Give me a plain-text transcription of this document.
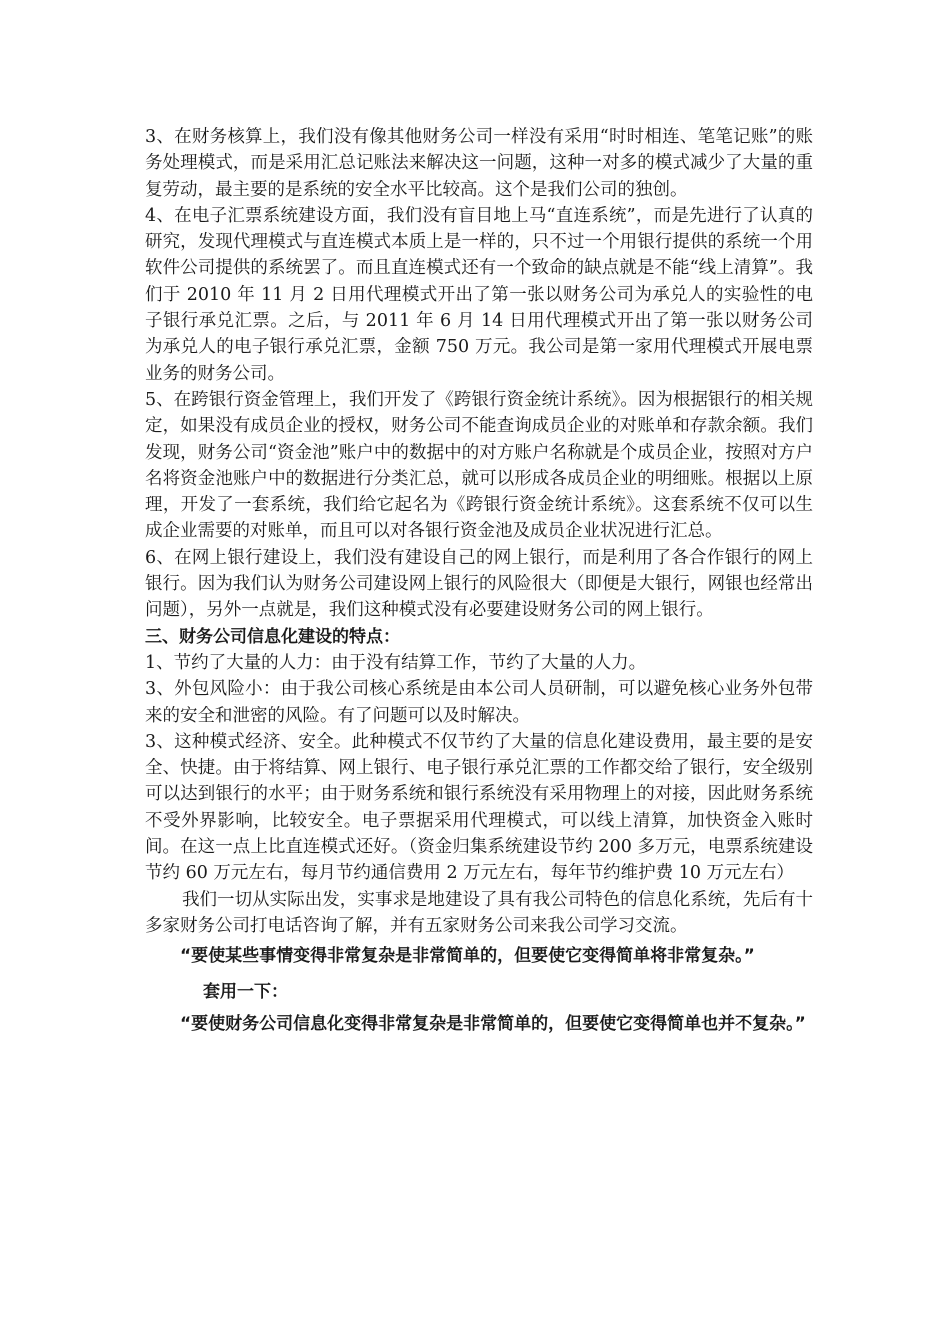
3、在财务核算上，我们没有像其他财务公司一样没有采用“时时相连、笔笔记账”的账务处理模式，而是采用汇总记账法来解决这一问题，这种一对多的模式减少了大量的重复劳动，最主要的是系统的安全水平比较高。这个是我们公司的独创。

4、在电子汇票系统建设方面，我们没有盲目地上马“直连系统”，而是先进行了认真的研究，发现代理模式与直连模式本质上是一样的，只不过一个用银行提供的系统一个用软件公司提供的系统罢了。而且直连模式还有一个致命的缺点就是不能“线上清算”。我们于 2010 年 11 月 2 日用代理模式开出了第一张以财务公司为承兑人的实验性的电子银行承兑汇票。之后，与 2011 年 6 月 14 日用代理模式开出了第一张以财务公司为承兑人的电子银行承兑汇票，金额 750 万元。我公司是第一家用代理模式开展电票业务的财务公司。

5、在跨银行资金管理上，我们开发了《跨银行资金统计系统》。因为根据银行的相关规定，如果没有成员企业的授权，财务公司不能查询成员企业的对账单和存款余额。我们发现，财务公司“资金池”账户中的数据中的对方账户名称就是个成员企业，按照对方户名将资金池账户中的数据进行分类汇总，就可以形成各成员企业的明细账。根据以上原理，开发了一套系统，我们给它起名为《跨银行资金统计系统》。这套系统不仅可以生成企业需要的对账单，而且可以对各银行资金池及成员企业状况进行汇总。

6、在网上银行建设上，我们没有建设自己的网上银行，而是利用了各合作银行的网上银行。因为我们认为财务公司建设网上银行的风险很大（即便是大银行，网银也经常出问题），另外一点就是，我们这种模式没有必要建设财务公司的网上银行。

三、财务公司信息化建设的特点：

1、节约了大量的人力：由于没有结算工作，节约了大量的人力。

3、外包风险小：由于我公司核心系统是由本公司人员研制，可以避免核心业务外包带来的安全和泄密的风险。有了问题可以及时解决。

3、这种模式经济、安全。此种模式不仅节约了大量的信息化建设费用，最主要的是安全、快捷。由于将结算、网上银行、电子银行承兑汇票的工作都交给了银行，安全级别可以达到银行的水平；由于财务系统和银行系统没有采用物理上的对接，因此财务系统不受外界影响，比较安全。电子票据采用代理模式，可以线上清算，加快资金入账时间。在这一点上比直连模式还好。（资金归集系统建设节约 200 多万元，电票系统建设节约 60 万元左右，每月节约通信费用 2 万元左右，每年节约维护费 10 万元左右）

我们一切从实际出发，实事求是地建设了具有我公司特色的信息化系统，先后有十多家财务公司打电话咨询了解，并有五家财务公司来我公司学习交流。

“要使某些事情变得非常复杂是非常简单的，但要使它变得简单将非常复杂。”

套用一下：

“要使财务公司信息化变得非常复杂是非常简单的，但要使它变得简单也并不复杂。”
